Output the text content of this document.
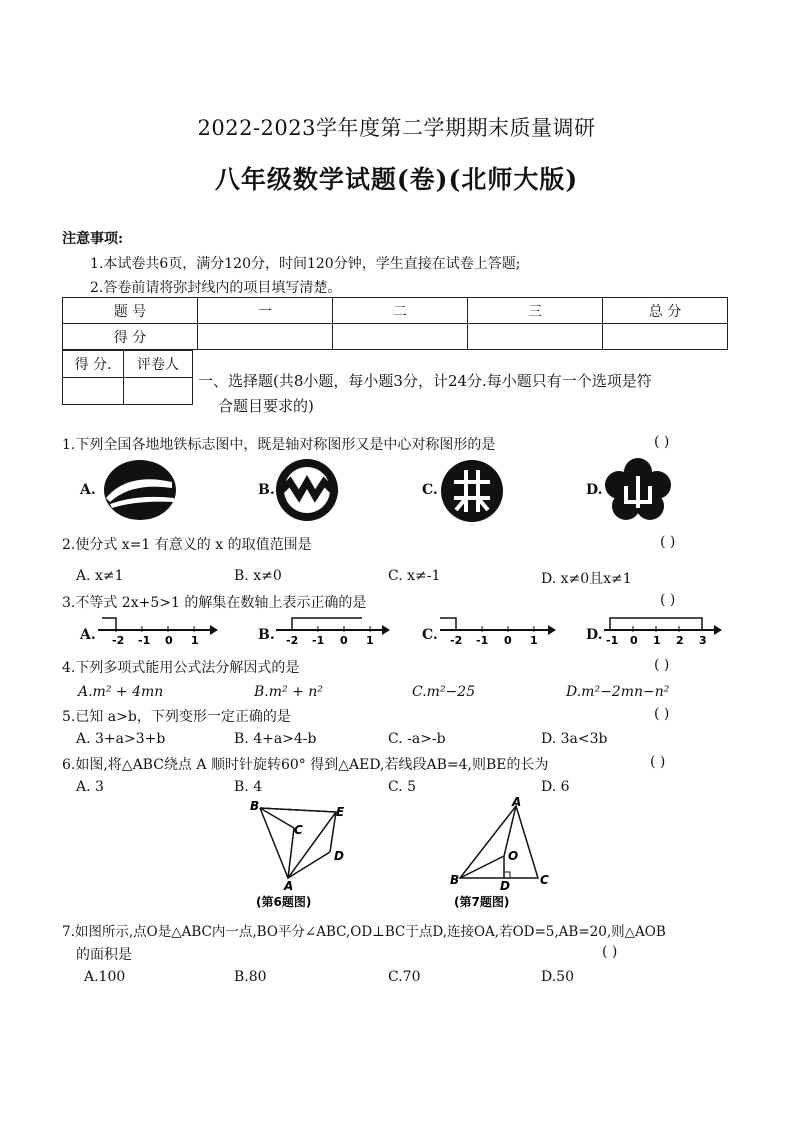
2022-2023学年度第二学期期末质量调研
八年级数学试题(卷)(北师大版)
注意事项:
1.本试卷共6页，满分120分，时间120分钟，学生直接在试卷上答题;
2.答卷前请将弥封线内的项目填写清楚。
题 号	一	二	三	总 分
得 分				
得 分.	评卷人

一、选择题(共8小题，每小题3分，计24分.每小题只有一个选项是符
合题目要求的)
1.下列全国各地地铁标志图中，既是轴对称图形又是中心对称图形的是	( )
A.	B.	C.	D.
2.使分式 x=1 有意义的 x 的取值范围是	( )
A. x≠1	B. x≠0	C. x≠-1	D. x≠0且x≠1
3.不等式 2x+5>1 的解集在数轴上表示正确的是	( )
A. -2 -1 0 1	B. -2 -1 0 1	C. -2 -1 0 1	D. -1 0 1 2 3
4.下列多项式能用公式法分解因式的是	( )
A.m² + 4mn	B.m² + n²	C.m²−25	D.m²−2mn−n²
5.已知 a>b，下列变形一定正确的是	( )
A. 3+a>3+b	B. 4+a>4-b	C. -a>-b	D. 3a<3b
6.如图,将△ABC绕点 A 顺时针旋转60° 得到△AED,若线段AB=4,则BE的长为	( )
A. 3	B. 4	C. 5	D. 6
B	E
C
D
A
(第6题图)
A
O
B	D	C
(第7题图)
7.如图所示,点O是△ABC内一点,BO平分∠ABC,OD⊥BC于点D,连接OA,若OD=5,AB=20,则△AOB
的面积是	( )
A.100	B.80	C.70	D.50
